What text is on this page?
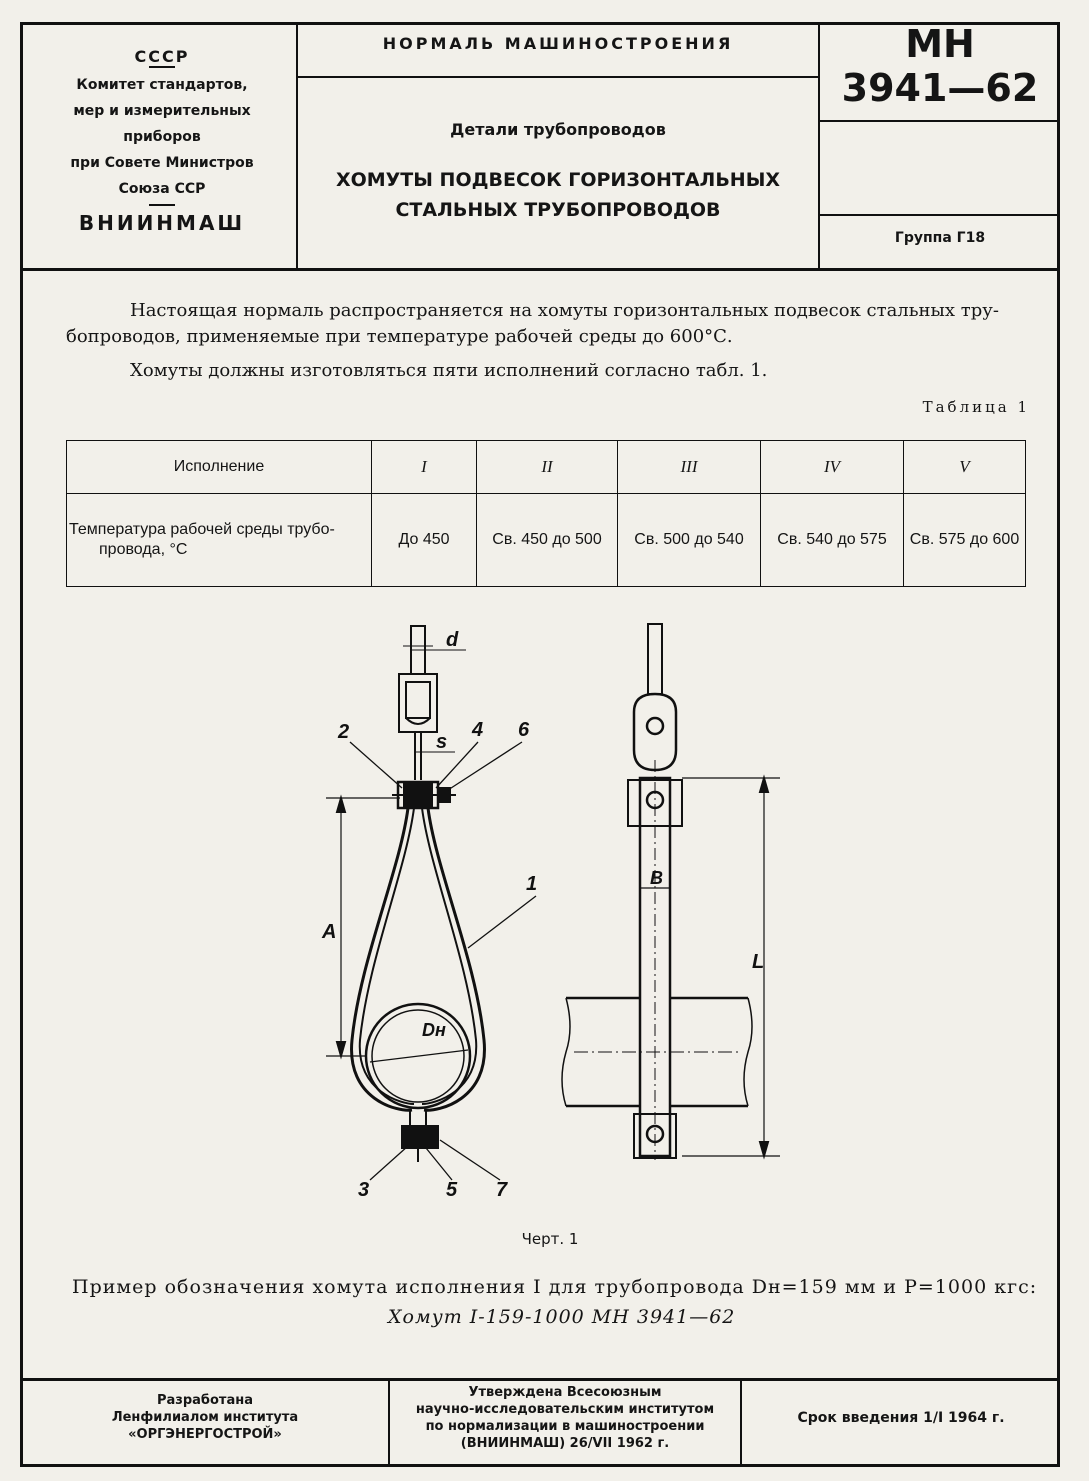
СССР
Комитет стандартов,
мер и измерительных
приборов
при Совете Министров
Союза ССР
ВНИИНМАШ
НОРМАЛЬ МАШИНОСТРОЕНИЯ
Детали трубопроводов
ХОМУТЫ ПОДВЕСОК ГОРИЗОНТАЛЬНЫХ
СТАЛЬНЫХ ТРУБОПРОВОДОВ
МН
3941—62
Группа Г18
Настоящая нормаль распространяется на хомуты горизонтальных подвесок стальных тру-
бопроводов, применяемые при температуре рабочей среды до 600°С.
Хомуты должны изготовляться пяти исполнений согласно табл. 1.
Таблица 1
Исполнение	I	II	III	IV	V

Температура рабочей среды трубо-
провода, °С	До 450	Св. 450 до 500	Св. 500 до 540	Св. 540 до 575	Св. 575 до 600
d
s
A
Dн
B
L
1
2
3
4
5
6
7
Черт. 1
Пример обозначения хомута исполнения I для трубопровода Dн=159 мм и Р=1000 кгс:
Хомут I-159-1000 МН 3941—62
Разработана
Ленфилиалом института
«ОРГЭНЕРГОСТРОЙ»
Утверждена Всесоюзным
научно-исследовательским институтом
по нормализации в машиностроении
(ВНИИНМАШ) 26/VII 1962 г.
Срок введения 1/I 1964 г.
